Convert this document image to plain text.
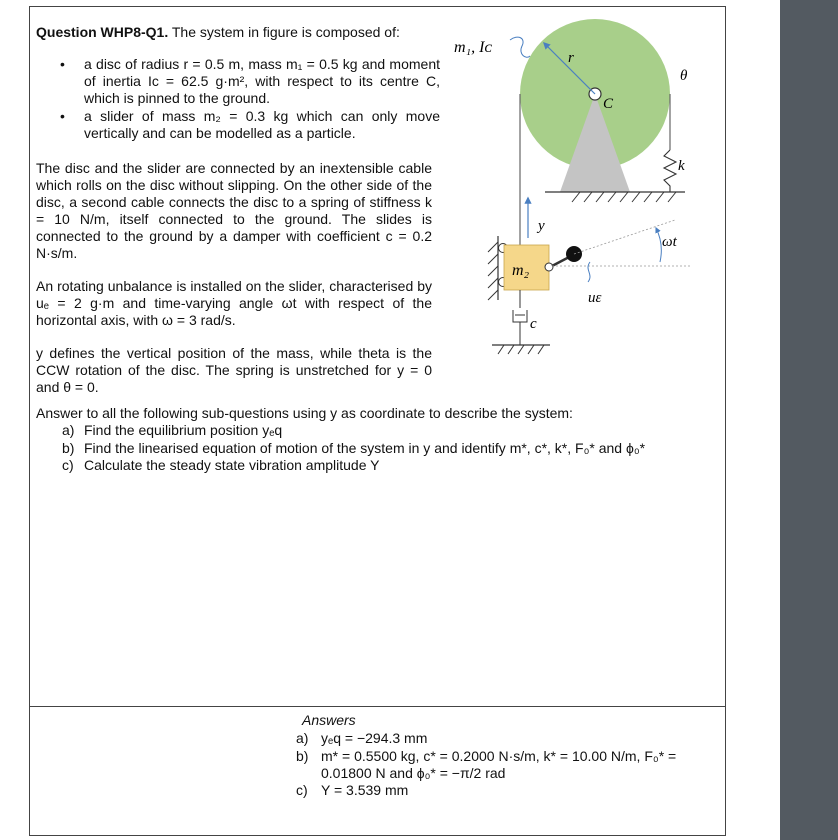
Question WHP8-Q1. The system in figure is composed of:
• a disc of radius r = 0.5 m, mass m₁ = 0.5 kg and moment of inertia Iᴄ = 62.5 g·m², with respect to its centre C, which is pinned to the ground.
• a slider of mass m₂ = 0.3 kg which can only move vertically and can be modelled as a particle.
The disc and the slider are connected by an inextensible cable which rolls on the disc without slipping. On the other side of the disc, a second cable connects the disc to a spring of stiffness k = 10 N/m, itself connected to the ground. The slides is connected to the ground by a damper with coefficient c = 0.2 N·s/m.
An rotating unbalance is installed on the slider, characterised by uₑ = 2 g·m and time-varying angle ωt with respect of the horizontal axis, with ω = 3 rad/s.
y defines the vertical position of the mass, while theta is the CCW rotation of the disc. The spring is unstretched for y = 0 and θ = 0.
Answer to all the following sub-questions using y as coordinate to describe the system:
a) Find the equilibrium position yₑq
b) Find the linearised equation of motion of the system in y and identify m*, c*, k*, F₀* and ϕ₀*
c) Calculate the steady state vibration amplitude Y
C
r
m₁, Iᴄ
θ
k
y
m₂
ωt
uε
c
Answers
a) yₑq = −294.3 mm
b) m* = 0.5500 kg, c* = 0.2000 N·s/m, k* = 10.00 N/m, F₀* =
0.01800 N and ϕ₀* = −π/2 rad
c) Y = 3.539 mm
